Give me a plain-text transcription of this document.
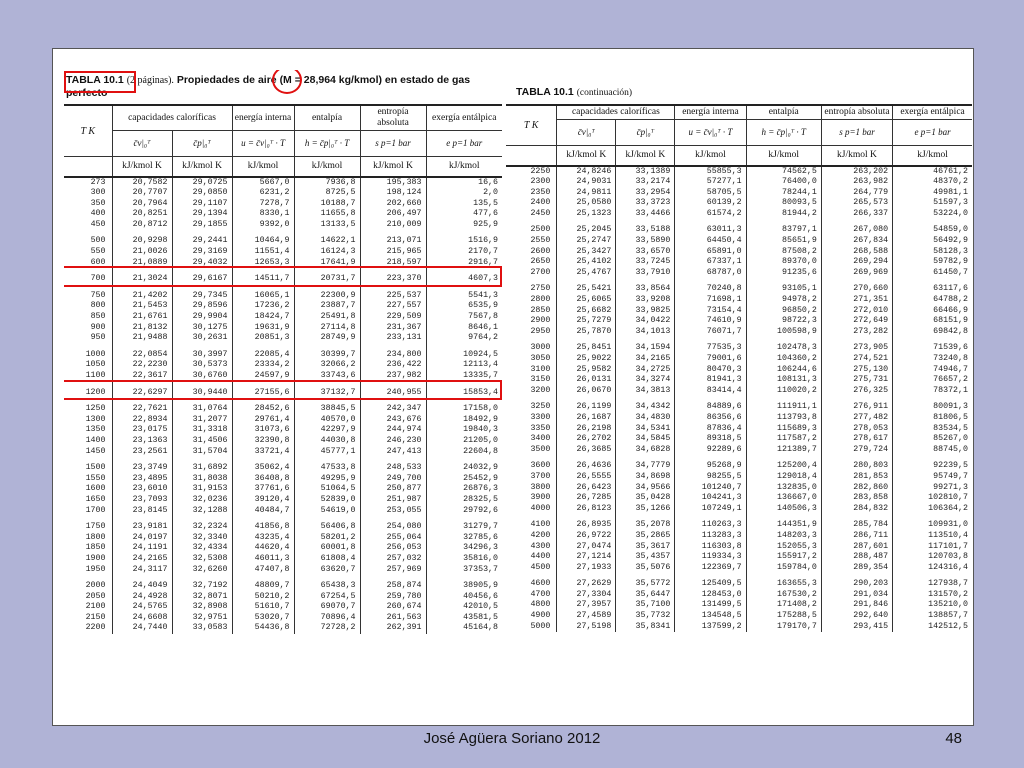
TABLA 10.1 (2 páginas). Propiedades de aire (M = 28,964 kg/kmol) en estado de gas perfecto
T K	capacidades caloríficas		energía interna	entalpía	entropía absoluta	exergía entálpica
	c̄v|₀ᵀ	c̄p|₀ᵀ	u = c̄v|₀ᵀ · T	h = c̄p|₀ᵀ · T	s p=1 bar	e p=1 bar
	kJ/kmol K	kJ/kmol K	kJ/kmol	kJ/kmol	kJ/kmol K	kJ/kmol
273	20,7582	29,0725	5667,0	7936,8	195,383	16,6
300	20,7707	29,0850	6231,2	8725,5	198,124	2,0
350	20,7964	29,1107	7278,7	10188,7	202,660	135,5
400	20,8251	29,1394	8330,1	11655,8	206,497	477,6
450	20,8712	29,1855	9392,0	13133,5	210,009	925,9
500	20,9298	29,2441	10464,9	14622,1	213,071	1516,9
550	21,0026	29,3169	11551,4	16124,3	215,965	2170,7
600	21,0889	29,4032	12653,3	17641,9	218,597	2916,7
700	21,3024	29,6167	14511,7	20731,7	223,370	4607,3
750	21,4202	29,7345	16065,1	22300,9	225,537	5541,3
800	21,5453	29,8596	17236,2	23887,7	227,557	6535,9
850	21,6761	29,9904	18424,7	25491,8	229,509	7567,8
900	21,8132	30,1275	19631,9	27114,8	231,367	8646,1
950	21,9488	30,2631	20851,3	28749,9	233,131	9764,2
1000	22,0854	30,3997	22085,4	30399,7	234,800	10924,5
1050	22,2230	30,5373	23334,2	32066,2	236,422	12113,4
1100	22,3617	30,6760	24597,9	33743,6	237,982	13335,7
1200	22,6297	30,9440	27155,6	37132,7	240,955	15853,4
1250	22,7621	31,0764	28452,6	38845,5	242,347	17158,0
1300	22,8934	31,2077	29761,4	40570,0	243,676	18492,9
1350	23,0175	31,3318	31073,6	42297,9	244,974	19840,3
1400	23,1363	31,4506	32390,8	44030,8	246,230	21205,0
1450	23,2561	31,5704	33721,4	45777,1	247,413	22604,8
1500	23,3749	31,6892	35062,4	47533,8	248,533	24032,9
1550	23,4895	31,8038	36408,8	49295,9	249,700	25452,9
1600	23,6010	31,9153	37761,6	51064,5	250,877	26876,3
1650	23,7093	32,0236	39120,4	52839,0	251,987	28325,5
1700	23,8145	32,1288	40484,7	54619,0	253,055	29792,6
1750	23,9181	32,2324	41856,8	56406,8	254,080	31279,7
1800	24,0197	32,3340	43235,4	58201,2	255,064	32785,6
1850	24,1191	32,4334	44620,4	60001,8	256,053	34296,3
1900	24,2165	32,5308	46011,3	61808,4	257,032	35816,0
1950	24,3117	32,6260	47407,8	63620,7	257,969	37353,7
2000	24,4049	32,7192	48809,7	65438,3	258,874	38905,9
2050	24,4928	32,8071	50210,2	67254,5	259,780	40456,6
2100	24,5765	32,8908	51610,7	69070,7	260,674	42010,5
2150	24,6608	32,9751	53020,7	70896,4	261,563	43581,5
2200	24,7440	33,0583	54436,8	72728,2	262,391	45164,8
TABLA 10.1 (continuación)
T K	capacidades caloríficas		energía interna	entalpía	entropía absoluta	exergía entálpica
	c̄v|₀ᵀ	c̄p|₀ᵀ	u = c̄v|₀ᵀ · T	h = c̄p|₀ᵀ · T	s p=1 bar	e p=1 bar
	kJ/kmol K	kJ/kmol K	kJ/kmol	kJ/kmol	kJ/kmol K	kJ/kmol
2250	24,8246	33,1389	55855,3	74562,5	263,202	46761,2
2300	24,9031	33,2174	57277,1	76400,0	263,982	48370,2
2350	24,9811	33,2954	58705,5	78244,1	264,779	49981,1
2400	25,0580	33,3723	60139,2	80093,5	265,573	51597,3
2450	25,1323	33,4466	61574,2	81944,2	266,337	53224,0
2500	25,2045	33,5188	63011,3	83797,1	267,080	54859,0
2550	25,2747	33,5890	64450,4	85651,9	267,834	56492,9
2600	25,3427	33,6570	65891,0	87508,2	268,588	58128,3
2650	25,4102	33,7245	67337,1	89370,0	269,294	59782,9
2700	25,4767	33,7910	68787,0	91235,6	269,969	61450,7
2750	25,5421	33,8564	70240,8	93105,1	270,660	63117,6
2800	25,6065	33,9208	71698,1	94978,2	271,351	64788,2
2850	25,6682	33,9825	73154,4	96850,2	272,010	66466,9
2900	25,7279	34,0422	74610,9	98722,3	272,649	68151,9
2950	25,7870	34,1013	76071,7	100598,9	273,282	69842,8
3000	25,8451	34,1594	77535,3	102478,3	273,905	71539,6
3050	25,9022	34,2165	79001,6	104360,2	274,521	73240,8
3100	25,9582	34,2725	80470,3	106244,6	275,130	74946,7
3150	26,0131	34,3274	81941,3	108131,3	275,731	76657,2
3200	26,0670	34,3813	83414,4	110020,2	276,325	78372,1
3250	26,1199	34,4342	84889,6	111911,1	276,911	80091,3
3300	26,1687	34,4830	86356,6	113793,8	277,482	81806,5
3350	26,2198	34,5341	87836,4	115689,3	278,053	83534,5
3400	26,2702	34,5845	89318,5	117587,2	278,617	85267,0
3500	26,3685	34,6828	92289,6	121389,7	279,724	88745,0
3600	26,4636	34,7779	95268,9	125200,4	280,803	92239,5
3700	26,5555	34,8698	98255,5	129018,4	281,853	95749,7
3800	26,6423	34,9566	101240,7	132835,0	282,860	99271,3
3900	26,7285	35,0428	104241,3	136667,0	283,858	102810,7
4000	26,8123	35,1266	107249,1	140506,3	284,832	106364,2
4100	26,8935	35,2078	110263,3	144351,9	285,784	109931,0
4200	26,9722	35,2865	113283,3	148203,3	286,711	113510,4
4300	27,0474	35,3617	116303,8	152055,3	287,601	117101,7
4400	27,1214	35,4357	119334,3	155917,2	288,487	120703,8
4500	27,1933	35,5076	122369,7	159784,0	289,354	124316,4
4600	27,2629	35,5772	125409,5	163655,3	290,203	127938,7
4700	27,3304	35,6447	128453,0	167530,2	291,034	131570,2
4800	27,3957	35,7100	131499,5	171408,2	291,846	135210,0
4900	27,4589	35,7732	134548,5	175288,5	292,640	138857,7
5000	27,5198	35,8341	137599,2	179170,7	293,415	142512,5
José Agüera Soriano 2012	48
